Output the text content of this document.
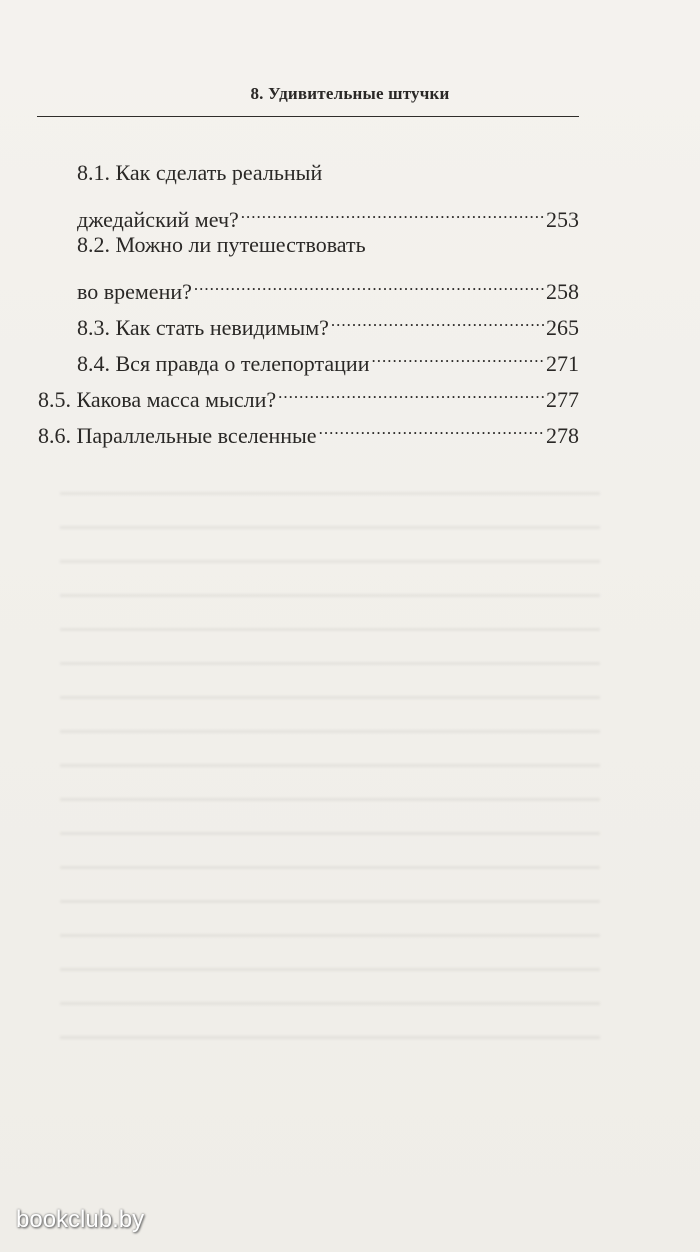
8. Удивительные штучки
8.1. Как сделать реальный
джедайский меч? .....	253
8.2. Можно ли путешествовать
во времени? .....	258
8.3. Как стать невидимым? .....	265
8.4. Вся правда о телепортации .....	271
8.5. Какова масса мысли? .....	277
8.6. Параллельные вселенные .....	278
bookclub.by
